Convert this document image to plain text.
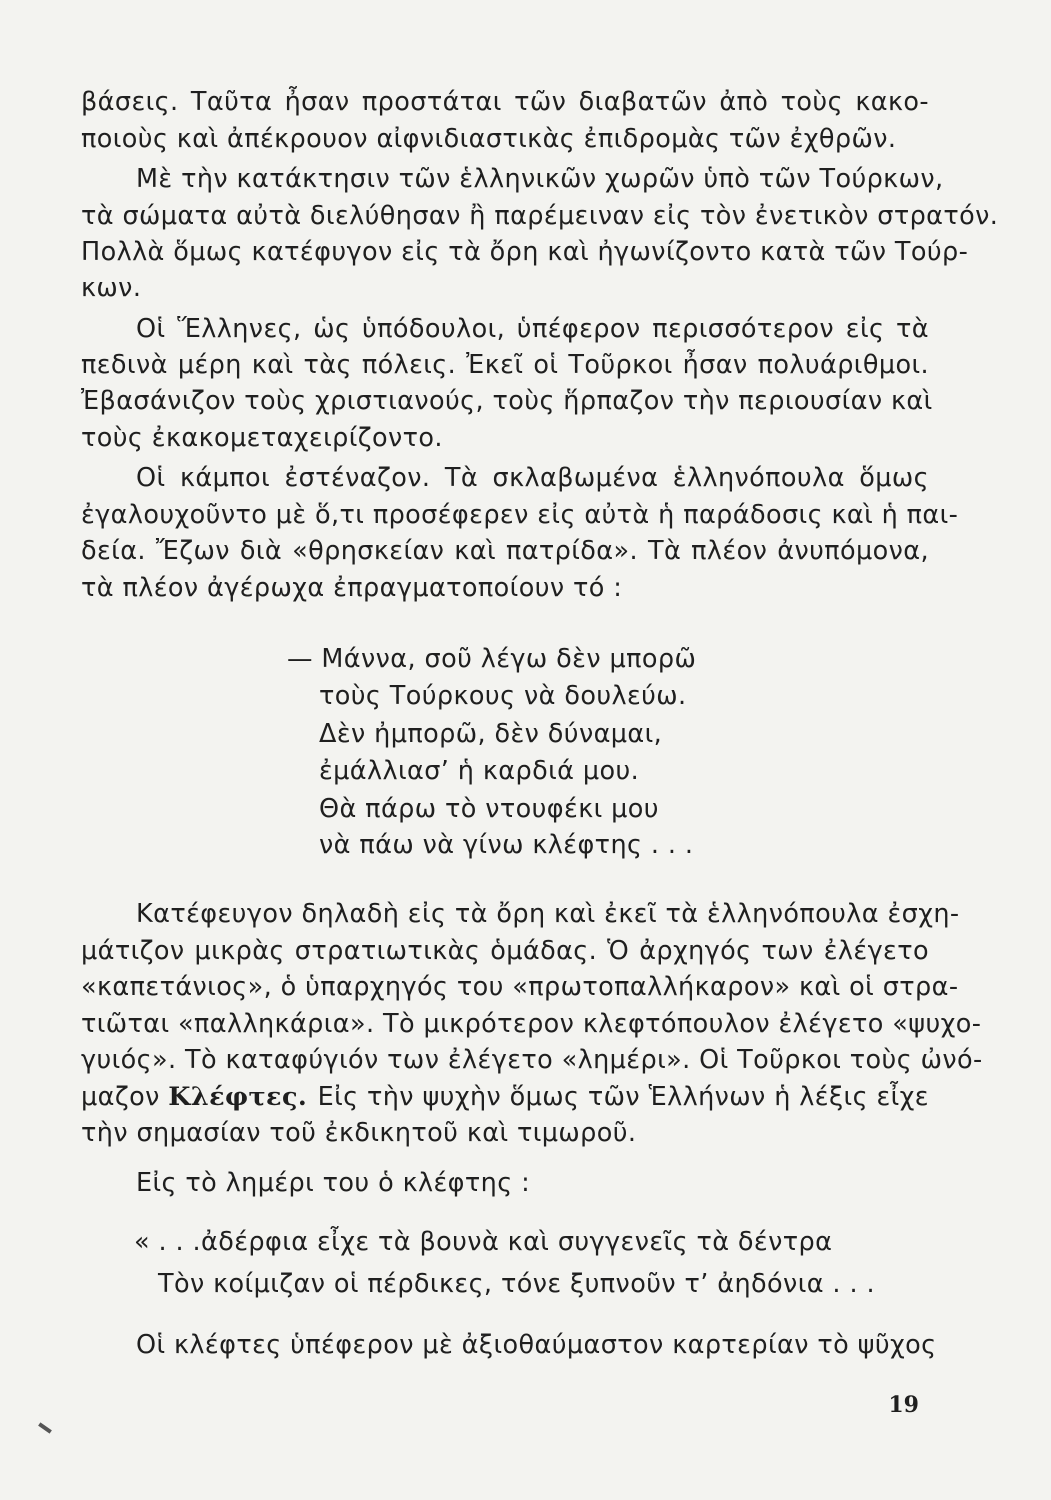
βάσεις. Ταῦτα ἦσαν προστάται τῶν διαβατῶν ἀπὸ τοὺς κακο-
ποιοὺς καὶ ἀπέκρουον αἰφνιδιαστικὰς ἐπιδρομὰς τῶν ἐχθρῶν.
Μὲ τὴν κατάκτησιν τῶν ἑλληνικῶν χωρῶν ὑπὸ τῶν Τούρκων,
τὰ σώματα αὐτὰ διελύθησαν ἢ παρέμειναν εἰς τὸν ἐνετικὸν στρατόν.
Πολλὰ ὅμως κατέφυγον εἰς τὰ ὄρη καὶ ἠγωνίζοντο κατὰ τῶν Τούρ-
κων.
Οἱ Ἕλληνες, ὡς ὑπόδουλοι, ὑπέφερον περισσότερον εἰς τὰ
πεδινὰ μέρη καὶ τὰς πόλεις. Ἐκεῖ οἱ Τοῦρκοι ἦσαν πολυάριθμοι.
Ἐβασάνιζον τοὺς χριστιανούς, τοὺς ἥρπαζον τὴν περιουσίαν καὶ
τοὺς ἐκακομεταχειρίζοντο.
Οἱ κάμποι ἐστέναζον. Τὰ σκλαβωμένα ἑλληνόπουλα ὅμως
ἐγαλουχοῦντο μὲ ὅ,τι προσέφερεν εἰς αὐτὰ ἡ παράδοσις καὶ ἡ παι-
δεία. Ἔζων διὰ «θρησκείαν καὶ πατρίδα». Τὰ πλέον ἀνυπόμονα,
τὰ πλέον ἀγέρωχα ἐπραγματοποίουν τό :
— Μάννα, σοῦ λέγω δὲν μπορῶ
τοὺς Τούρκους νὰ δουλεύω.
Δὲν ἠμπορῶ, δὲν δύναμαι,
ἐμάλλιασ’ ἡ καρδιά μου.
Θὰ πάρω τὸ ντουφέκι μου
νὰ πάω νὰ γίνω κλέφτης . . .
Κατέφευγον δηλαδὴ εἰς τὰ ὄρη καὶ ἐκεῖ τὰ ἑλληνόπουλα ἐσχη-
μάτιζον μικρὰς στρατιωτικὰς ὁμάδας. Ὁ ἀρχηγός των ἐλέγετο
«καπετάνιος», ὁ ὑπαρχηγός του «πρωτοπαλλήκαρον» καὶ οἱ στρα-
τιῶται «παλληκάρια». Τὸ μικρότερον κλεφτόπουλον ἐλέγετο «ψυχο-
γυιός». Τὸ καταφύγιόν των ἐλέγετο «λημέρι». Οἱ Τοῦρκοι τοὺς ὠνό-
μαζον Κλέφτες. Εἰς τὴν ψυχὴν ὅμως τῶν Ἑλλήνων ἡ λέξις εἶχε
τὴν σημασίαν τοῦ ἐκδικητοῦ καὶ τιμωροῦ.
Εἰς τὸ λημέρι του ὁ κλέφτης :
« . . .ἀδέρφια εἶχε τὰ βουνὰ καὶ συγγενεῖς τὰ δέντρα
Τὸν κοίμιζαν οἱ πέρδικες, τόνε ξυπνοῦν τ’ ἀηδόνια . . .
Οἱ κλέφτες ὑπέφερον μὲ ἀξιοθαύμαστον καρτερίαν τὸ ψῦχος
19
